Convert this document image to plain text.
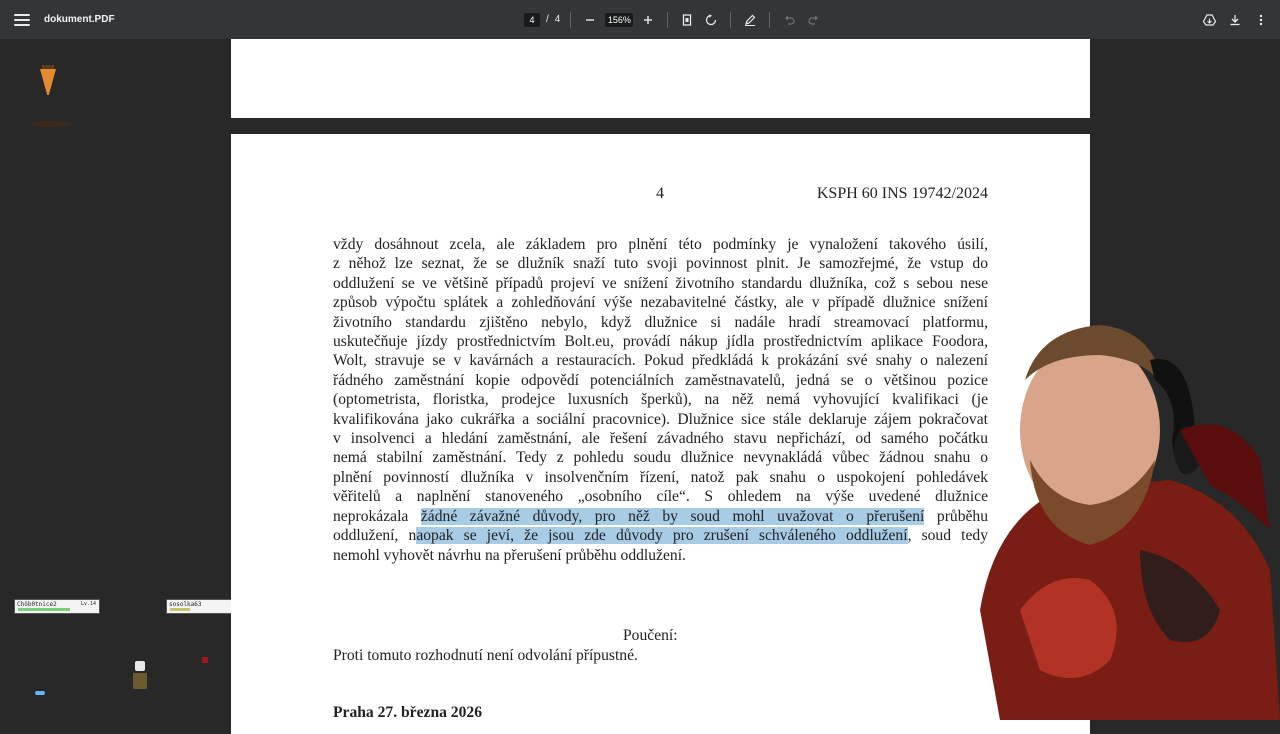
dokument.PDF	4	/ 4	156%
Chöb0tnice2	Lv.14	sosolka63
4	KSPH 60 INS 19742/2024
vždy dosáhnout zcela, ale základem pro plnění této podmínky je vynaložení takového úsilí,
z něhož lze seznat, že se dlužník snaží tuto svoji povinnost plnit. Je samozřejmé, že vstup do
oddlužení se ve většině případů projeví ve snížení životního standardu dlužníka, což s sebou nese
způsob výpočtu splátek a zohledňování výše nezabavitelné částky, ale v případě dlužnice snížení
životního standardu zjištěno nebylo, když dlužnice si nadále hradí streamovací platformu,
uskutečňuje jízdy prostřednictvím Bolt.eu, provádí nákup jídla prostřednictvím aplikace Foodora,
Wolt, stravuje se v kavárnách a restauracích. Pokud předkládá k prokázání své snahy o nalezení
řádného zaměstnání kopie odpovědí potenciálních zaměstnavatelů, jedná se o většinou pozice
(optometrista, floristka, prodejce luxusních šperků), na něž nemá vyhovující kvalifikaci (je
kvalifikována jako cukrářka a sociální pracovnice). Dlužnice sice stále deklaruje zájem pokračovat
v insolvenci a hledání zaměstnání, ale řešení závadného stavu nepřichází, od samého počátku
nemá stabilní zaměstnání. Tedy z pohledu soudu dlužnice nevynakládá vůbec žádnou snahu o
plnění povinností dlužníka v insolvenčním řízení, natož pak snahu o uspokojení pohledávek
věřitelů a naplnění stanoveného „osobního cíle“. S ohledem na výše uvedené dlužnice
neprokázala žádné závažné důvody, pro něž by soud mohl uvažovat o přerušení průběhu
oddlužení, naopak se jeví, že jsou zde důvody pro zrušení schváleného oddlužení, soud tedy
nemohl vyhovět návrhu na přerušení průběhu oddlužení.
Poučení:
Proti tomuto rozhodnutí není odvolání přípustné.
Praha 27. března 2026
